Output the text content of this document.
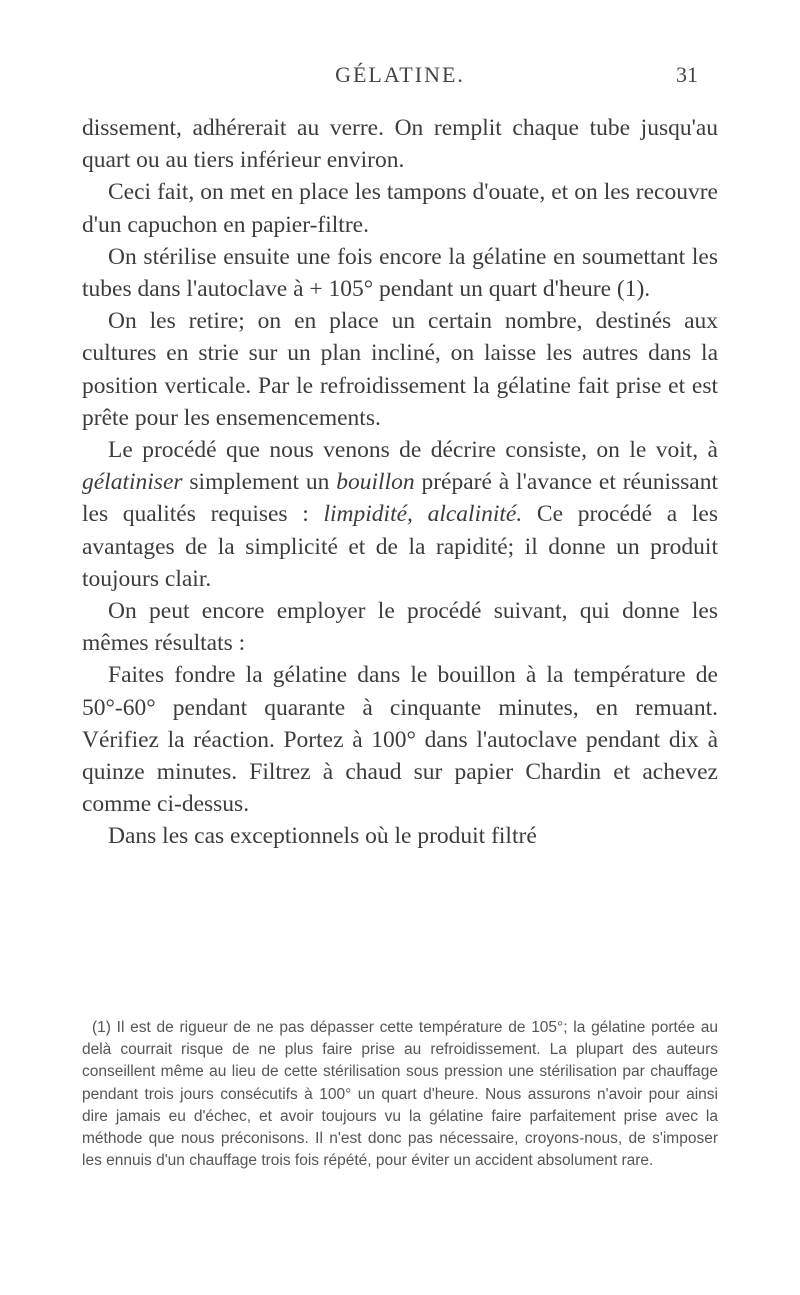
GÉLATINE.	31

dissement, adhérerait au verre. On remplit chaque tube jusqu'au quart ou au tiers inférieur environ.

Ceci fait, on met en place les tampons d'ouate, et on les recouvre d'un capuchon en papier-filtre.

On stérilise ensuite une fois encore la gélatine en soumettant les tubes dans l'autoclave à + 105° pendant un quart d'heure (1).

On les retire; on en place un certain nombre, destinés aux cultures en strie sur un plan incliné, on laisse les autres dans la position verticale. Par le refroidissement la gélatine fait prise et est prête pour les ensemencements.

Le procédé que nous venons de décrire consiste, on le voit, à gélatiniser simplement un bouillon préparé à l'avance et réunissant les qualités requises : limpidité, alcalinité. Ce procédé a les avantages de la simplicité et de la rapidité; il donne un produit toujours clair.

On peut encore employer le procédé suivant, qui donne les mêmes résultats :

Faites fondre la gélatine dans le bouillon à la température de 50°-60° pendant quarante à cinquante minutes, en remuant. Vérifiez la réaction. Portez à 100° dans l'autoclave pendant dix à quinze minutes. Filtrez à chaud sur papier Chardin et achevez comme ci-dessus.

Dans les cas exceptionnels où le produit filtré

(1) Il est de rigueur de ne pas dépasser cette température de 105°; la gélatine portée au delà courrait risque de ne plus faire prise au refroidissement. La plupart des auteurs conseillent même au lieu de cette stérilisation sous pression une stérilisation par chauffage pendant trois jours consécutifs à 100° un quart d'heure. Nous assurons n'avoir pour ainsi dire jamais eu d'échec, et avoir toujours vu la gélatine faire parfaitement prise avec la méthode que nous préconisons. Il n'est donc pas nécessaire, croyons-nous, de s'imposer les ennuis d'un chauffage trois fois répété, pour éviter un accident absolument rare.
